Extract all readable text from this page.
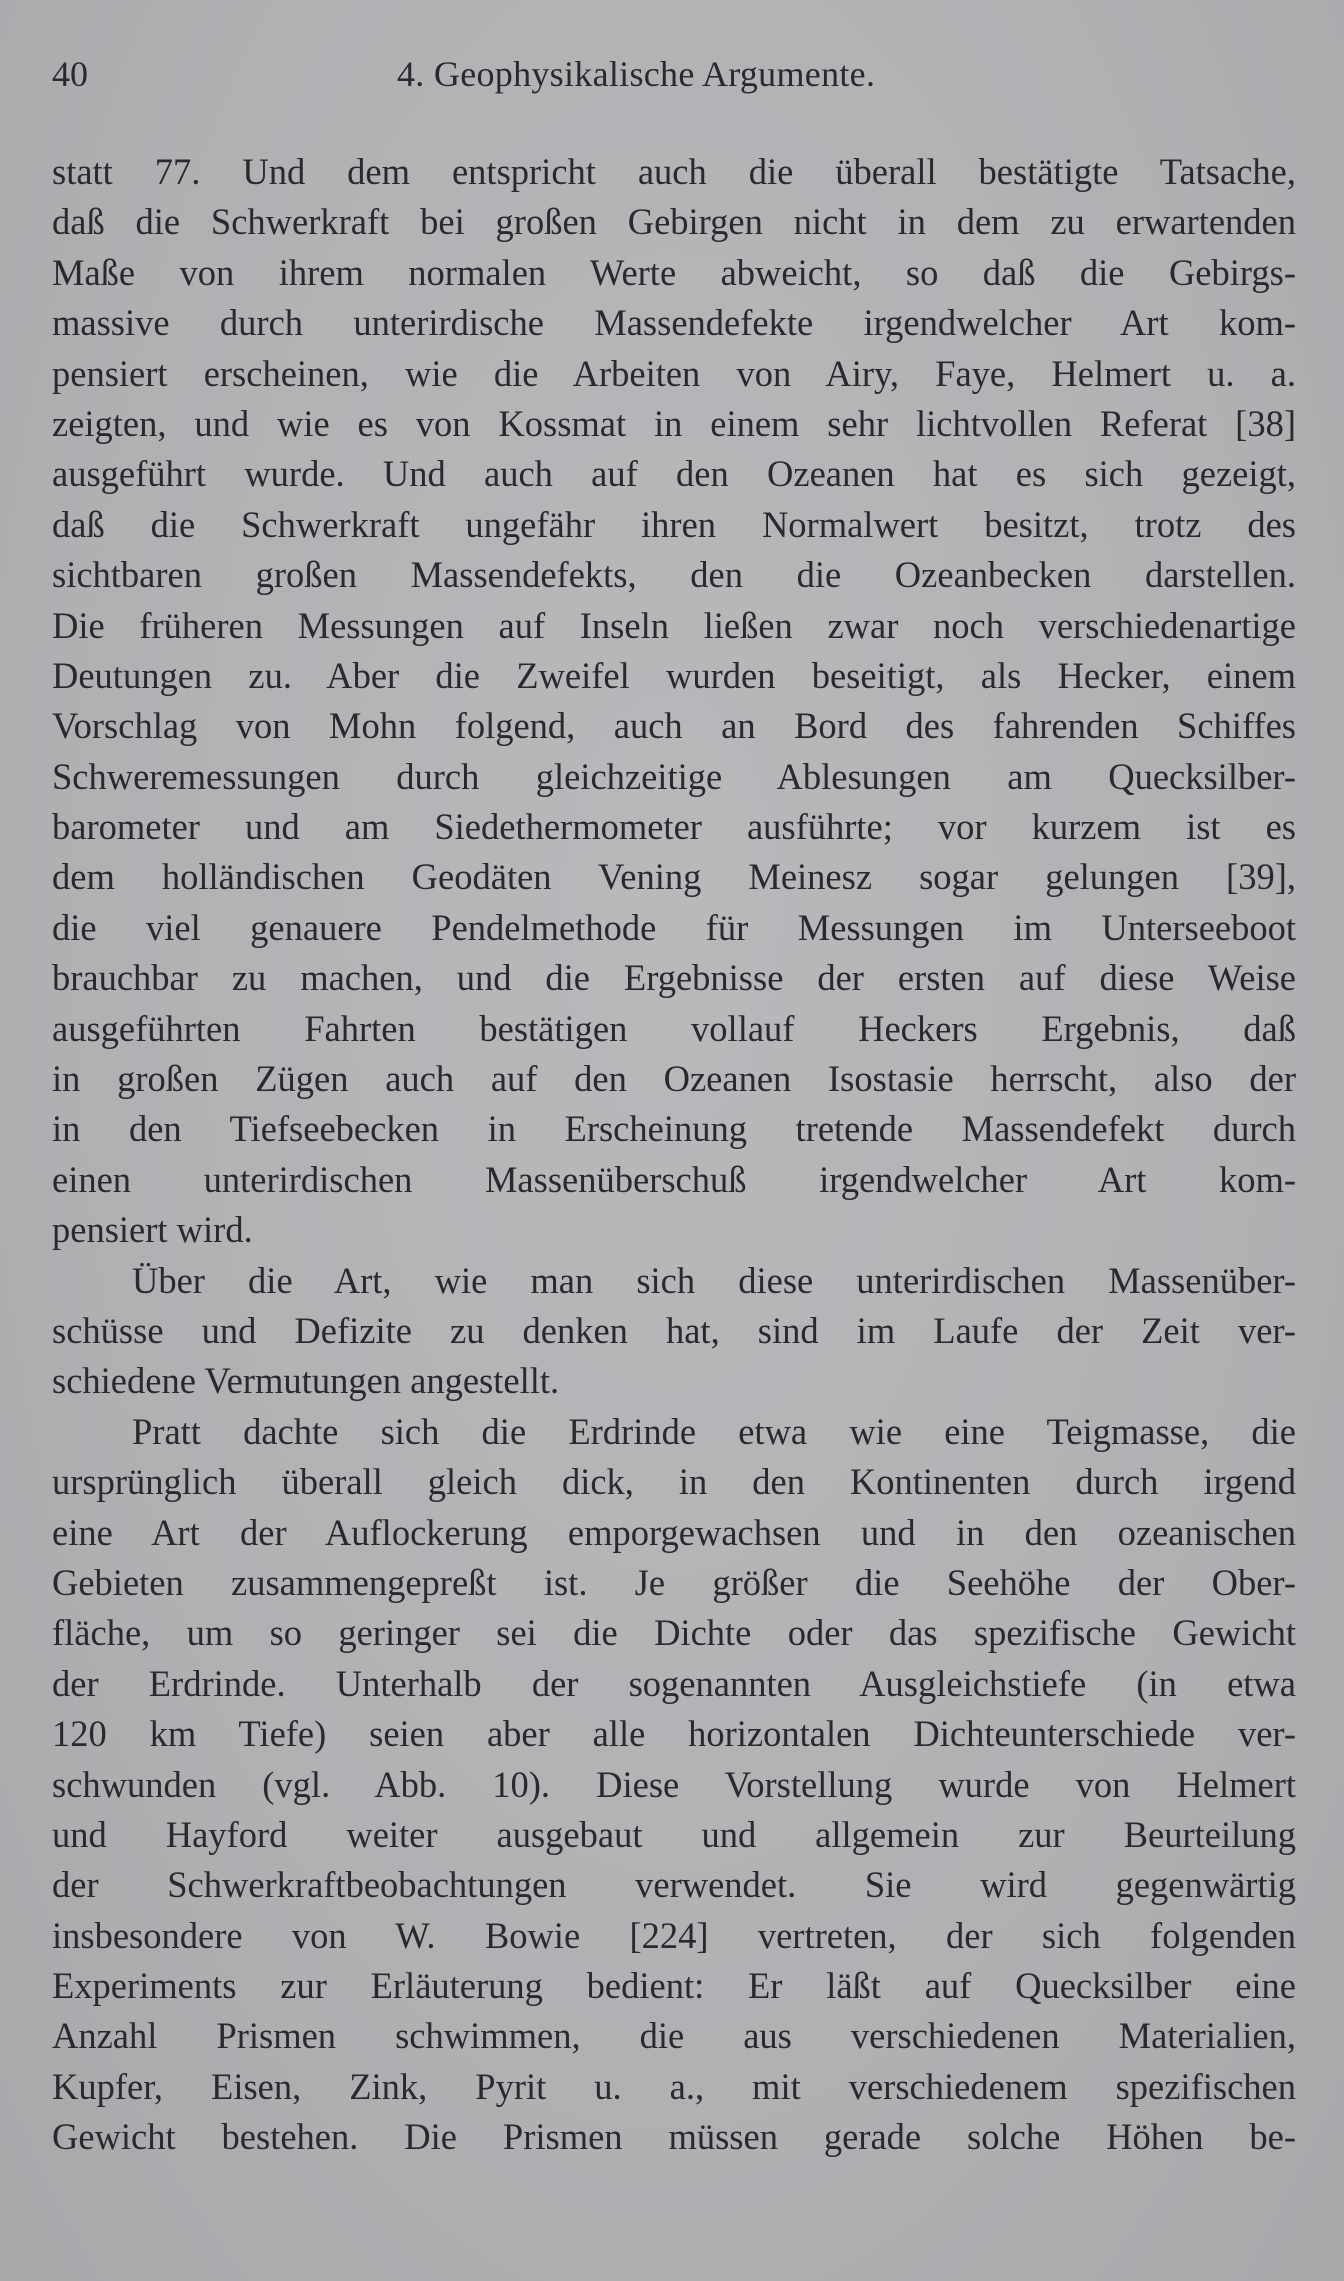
40	4. Geophysikalische Argumente.
statt 77. Und dem entspricht auch die überall bestätigte Tatsache,
daß die Schwerkraft bei großen Gebirgen nicht in dem zu erwartenden
Maße von ihrem normalen Werte abweicht, so daß die Gebirgs-
massive durch unterirdische Massendefekte irgendwelcher Art kom-
pensiert erscheinen, wie die Arbeiten von Airy, Faye, Helmert u. a.
zeigten, und wie es von Kossmat in einem sehr lichtvollen Referat [38]
ausgeführt wurde. Und auch auf den Ozeanen hat es sich gezeigt,
daß die Schwerkraft ungefähr ihren Normalwert besitzt, trotz des
sichtbaren großen Massendefekts, den die Ozeanbecken darstellen.
Die früheren Messungen auf Inseln ließen zwar noch verschiedenartige
Deutungen zu. Aber die Zweifel wurden beseitigt, als Hecker, einem
Vorschlag von Mohn folgend, auch an Bord des fahrenden Schiffes
Schweremessungen durch gleichzeitige Ablesungen am Quecksilber-
barometer und am Siedethermometer ausführte; vor kurzem ist es
dem holländischen Geodäten Vening Meinesz sogar gelungen [39],
die viel genauere Pendelmethode für Messungen im Unterseeboot
brauchbar zu machen, und die Ergebnisse der ersten auf diese Weise
ausgeführten Fahrten bestätigen vollauf Heckers Ergebnis, daß
in großen Zügen auch auf den Ozeanen Isostasie herrscht, also der
in den Tiefseebecken in Erscheinung tretende Massendefekt durch
einen unterirdischen Massenüberschuß irgendwelcher Art kom-
pensiert wird.
Über die Art, wie man sich diese unterirdischen Massenüber-
schüsse und Defizite zu denken hat, sind im Laufe der Zeit ver-
schiedene Vermutungen angestellt.
Pratt dachte sich die Erdrinde etwa wie eine Teigmasse, die
ursprünglich überall gleich dick, in den Kontinenten durch irgend
eine Art der Auflockerung emporgewachsen und in den ozeanischen
Gebieten zusammengepreßt ist. Je größer die Seehöhe der Ober-
fläche, um so geringer sei die Dichte oder das spezifische Gewicht
der Erdrinde. Unterhalb der sogenannten Ausgleichstiefe (in etwa
120 km Tiefe) seien aber alle horizontalen Dichteunterschiede ver-
schwunden (vgl. Abb. 10). Diese Vorstellung wurde von Helmert
und Hayford weiter ausgebaut und allgemein zur Beurteilung
der Schwerkraftbeobachtungen verwendet. Sie wird gegenwärtig
insbesondere von W. Bowie [224] vertreten, der sich folgenden
Experiments zur Erläuterung bedient: Er läßt auf Quecksilber eine
Anzahl Prismen schwimmen, die aus verschiedenen Materialien,
Kupfer, Eisen, Zink, Pyrit u. a., mit verschiedenem spezifischen
Gewicht bestehen. Die Prismen müssen gerade solche Höhen be-
